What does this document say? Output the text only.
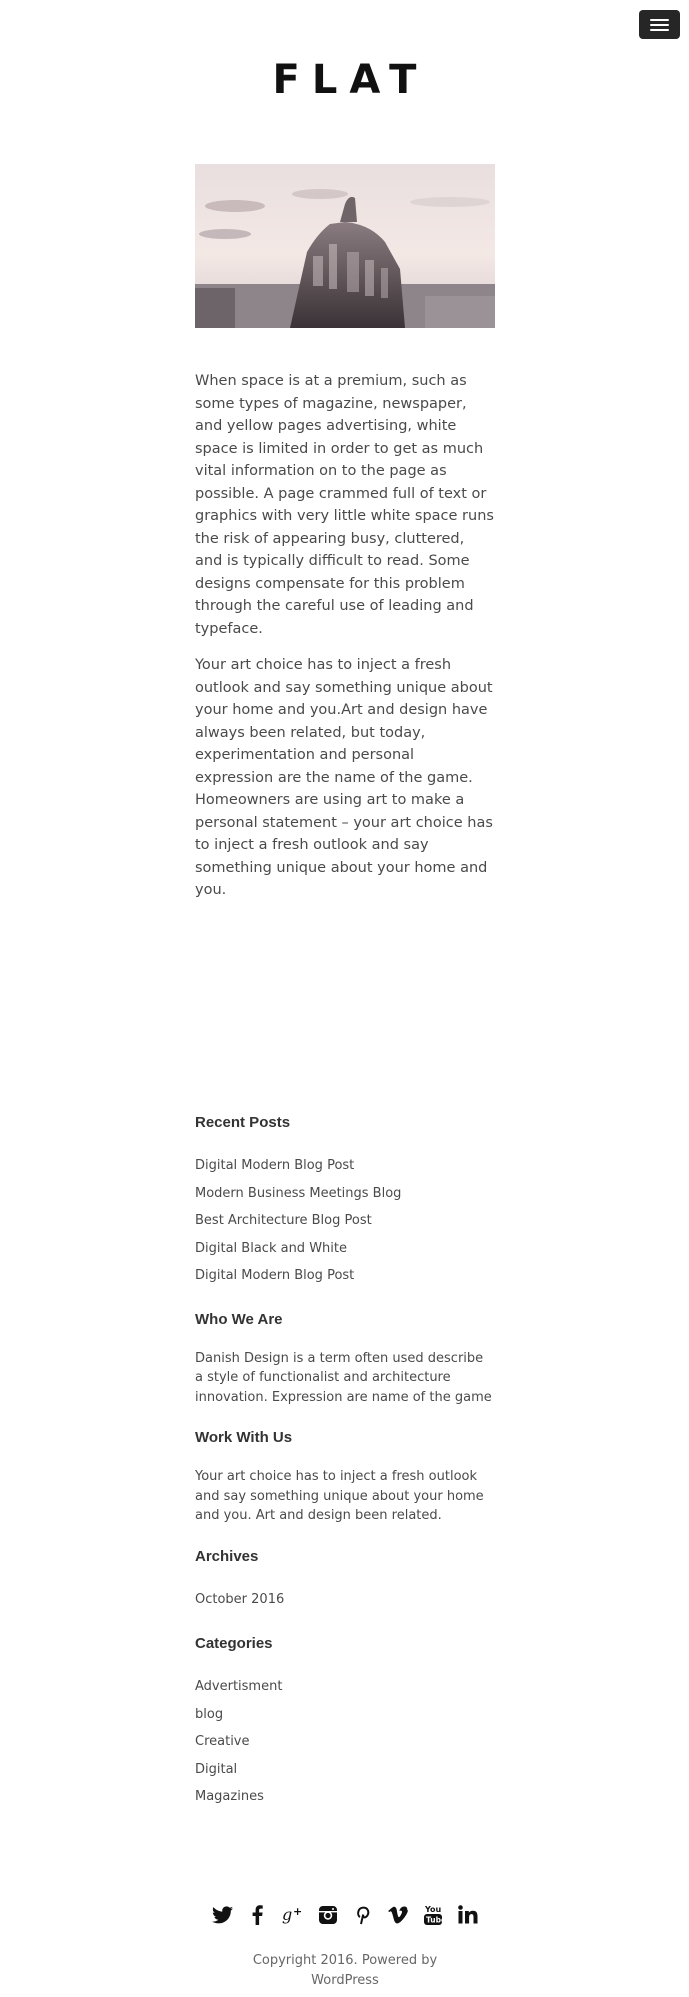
FLAT

When space is at a premium, such as some types of magazine, newspaper, and yellow pages advertising, white space is limited in order to get as much vital information on to the page as possible. A page crammed full of text or graphics with very little white space runs the risk of appearing busy, cluttered, and is typically difficult to read. Some designs compensate for this problem through the careful use of leading and typeface.

Your art choice has to inject a fresh outlook and say something unique about your home and you.Art and design have always been related, but today, experimentation and personal expression are the name of the game. Homeowners are using art to make a personal statement – your art choice has to inject a fresh outlook and say something unique about your home and you.

Recent Posts
Digital Modern Blog Post
Modern Business Meetings Blog
Best Architecture Blog Post
Digital Black and White
Digital Modern Blog Post
Who We Are

Danish Design is a term often used describe a style of functionalist and architecture innovation. Expression are name of the game

Work With Us

Your art choice has to inject a fresh outlook and say something unique about your home and you. Art and design been related.

Archives
October 2016
Categories
Advertisment
blog
Creative
Digital
Magazines
g +	You
Tube
Copyright 2016. Powered by
WordPress
